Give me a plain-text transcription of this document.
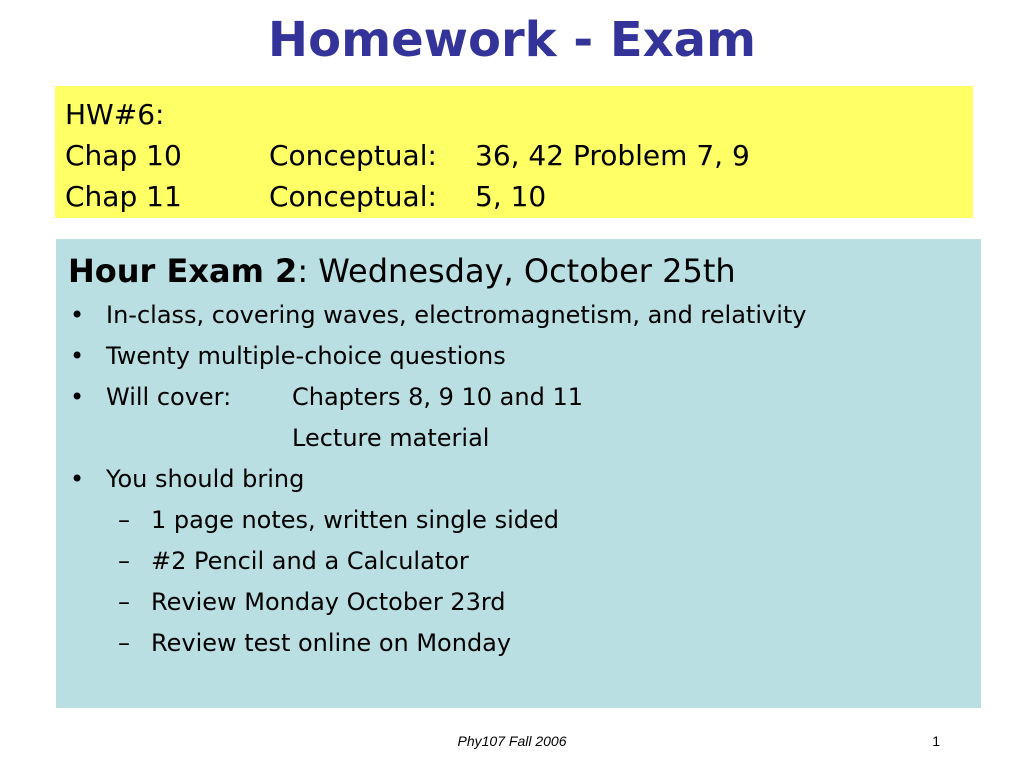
Homework - Exam
HW#6:
Chap 10	Conceptual: 36, 42 Problem 7, 9
Chap 11	Conceptual: 5, 10
Hour Exam 2: Wednesday, October 25th
• In-class, covering waves, electromagnetism, and relativity
• Twenty multiple-choice questions
• Will cover:	Chapters 8, 9 10 and 11
Lecture material
• You should bring
– 1 page notes, written single sided
– #2 Pencil and a Calculator
– Review Monday October 23rd
– Review test online on Monday
Phy107 Fall 2006	1
